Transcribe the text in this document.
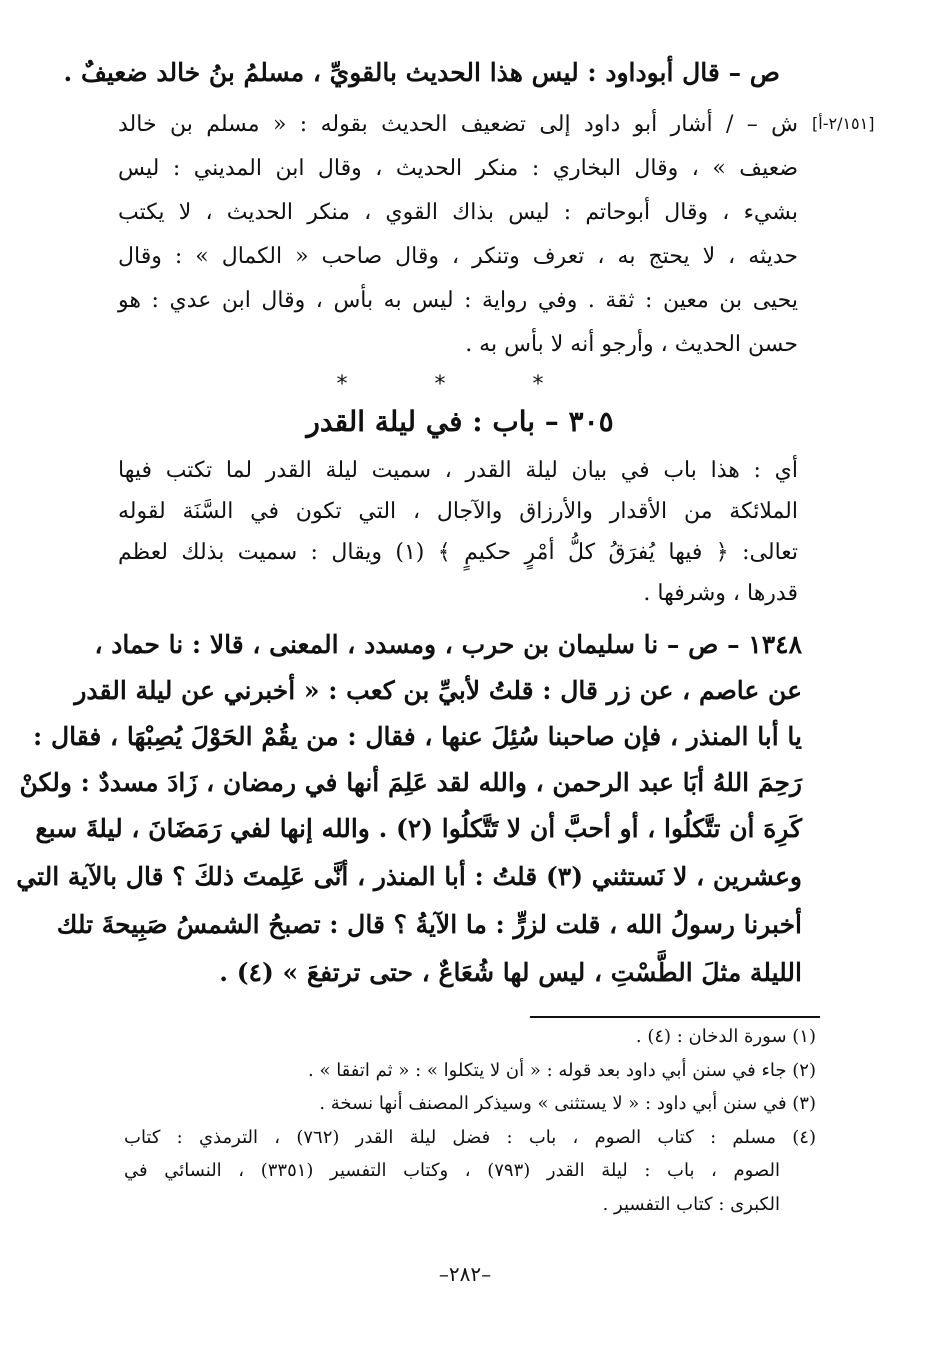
ص – قال أبوداود : ليس هذا الحديث بالقويِّ ، مسلمُ بنُ خالد ضعيفٌ .
[٢/١٥١-أ]
ش – / أشار أبو داود إلى تضعيف الحديث بقوله : « مسلم بن خالد
ضعيف » ، وقال البخاري : منكر الحديث ، وقال ابن المديني : ليس
بشيء ، وقال أبوحاتم : ليس بذاك القوي ، منكر الحديث ، لا يكتب
حديثه ، لا يحتج به ، تعرف وتنكر ، وقال صاحب « الكمال » : وقال
يحيى بن معين : ثقة . وفي رواية : ليس به بأس ، وقال ابن عدي : هو
حسن الحديث ، وأرجو أنه لا بأس به .
* * *
٣٠٥ – باب : في ليلة القدر
أي : هذا باب في بيان ليلة القدر ، سميت ليلة القدر لما تكتب فيها
الملائكة من الأقدار والأرزاق والآجال ، التي تكون في السَّنَة لقوله
تعالى: ﴿ فيها يُفرَقُ كلُّ أمْرٍ حكيمٍ ﴾ (١) ويقال : سميت بذلك لعظم
قدرها ، وشرفها .
١٣٤٨ – ص – نا سليمان بن حرب ، ومسدد ، المعنى ، قالا : نا حماد ،
عن عاصم ، عن زر قال : قلتُ لأبيِّ بن كعب : « أخبرني عن ليلة القدر
يا أبا المنذر ، فإن صاحبنا سُئِلَ عنها ، فقال : من يقُمْ الحَوْلَ يُصِبْهَا ، فقال :
رَحِمَ اللهُ أبَا عبد الرحمن ، والله لقد عَلِمَ أنها في رمضان ، زَادَ مسددٌ : ولكنْ
كَرِهَ أن تتَّكلُوا ، أو أحبَّ أن لا تَتَّكلُوا (٢) . والله إنها لفي رَمَضَانَ ، ليلةَ سبع
وعشرين ، لا نَستثني (٣) قلتُ : أبا المنذر ، أنَّى عَلِمتَ ذلكَ ؟ قال بالآية التي
أخبرنا رسولُ الله ، قلت لزرٍّ : ما الآيةُ ؟ قال : تصبحُ الشمسُ صَبِيحةَ تلك
الليلة مثلَ الطَّسْتِ ، ليس لها شُعَاعٌ ، حتى ترتفعَ » (٤) .
(١) سورة الدخان : (٤) .
(٢) جاء في سنن أبي داود بعد قوله : « أن لا يتكلوا » : « ثم اتفقا » .
(٣) في سنن أبي داود : « لا يستثنى » وسيذكر المصنف أنها نسخة .
(٤) مسلم : كتاب الصوم ، باب : فضل ليلة القدر (٧٦٢) ، الترمذي : كتاب
الصوم ، باب : ليلة القدر (٧٩٣) ، وكتاب التفسير (٣٣٥١) ، النسائي في
الكبرى : كتاب التفسير .
–٢٨٢–
